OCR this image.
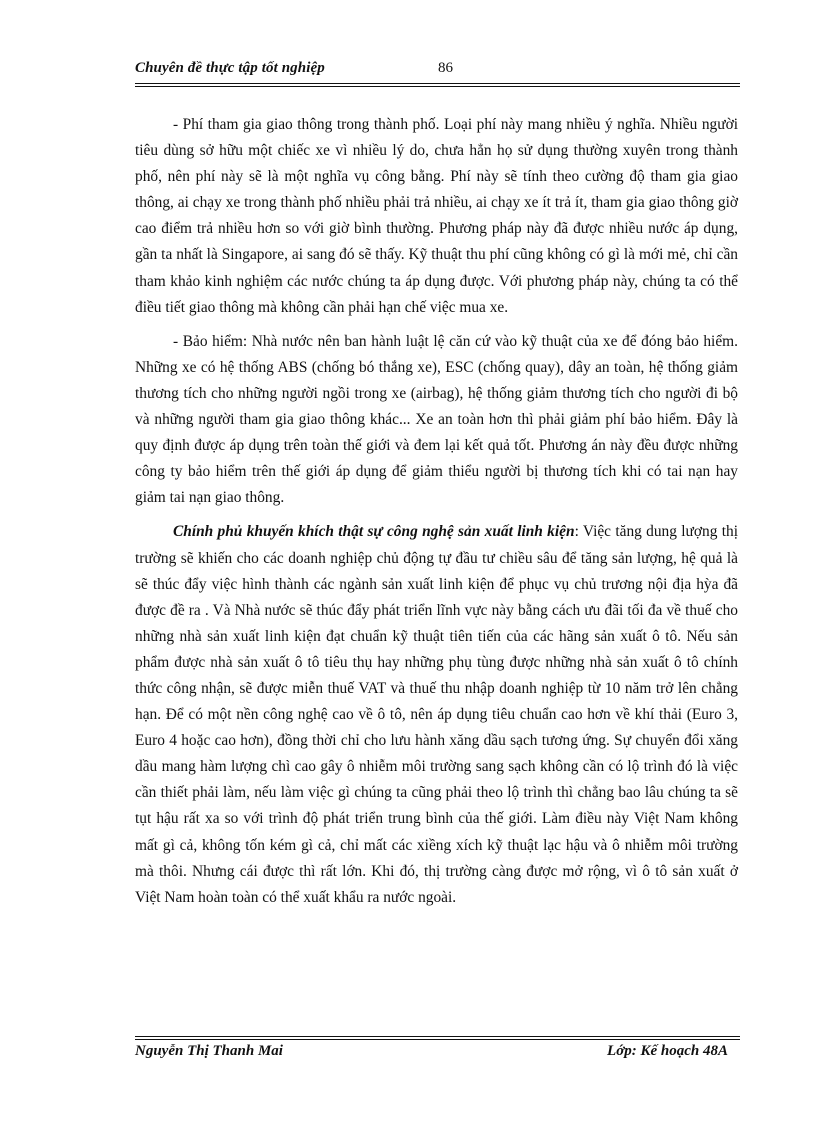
Chuyên đề thực tập tốt nghiệp	86

- Phí tham gia giao thông trong thành phố. Loại phí này mang nhiều ý nghĩa. Nhiều người tiêu dùng sở hữu một chiếc xe vì nhiều lý do, chưa hẳn họ sử dụng thường xuyên trong thành phố, nên phí này sẽ là một nghĩa vụ công bằng. Phí này sẽ tính theo cường độ tham gia giao thông, ai chạy xe trong thành phố nhiều phải trả nhiều, ai chạy xe ít trả ít, tham gia giao thông giờ cao điểm trả nhiều hơn so với giờ bình thường. Phương pháp này đã được nhiều nước áp dụng, gần ta nhất là Singapore, ai sang đó sẽ thấy. Kỹ thuật thu phí cũng không có gì là mới mẻ, chỉ cần tham khảo kinh nghiệm các nước chúng ta áp dụng được. Với phương pháp này, chúng ta có thể điều tiết giao thông mà không cần phải hạn chế việc mua xe.

- Bảo hiểm: Nhà nước nên ban hành luật lệ căn cứ vào kỹ thuật của xe để đóng bảo hiểm. Những xe có hệ thống ABS (chống bó thắng xe), ESC (chống quay), dây an toàn, hệ thống giảm thương tích cho những người ngồi trong xe (airbag), hệ thống giảm thương tích cho người đi bộ và những người tham gia giao thông khác... Xe an toàn hơn thì phải giảm phí bảo hiểm. Đây là quy định được áp dụng trên toàn thế giới và đem lại kết quả tốt. Phương án này đều được những công ty bảo hiểm trên thế giới áp dụng để giảm thiểu người bị thương tích khi có tai nạn hay giảm tai nạn giao thông.

Chính phủ khuyến khích thật sự công nghệ sản xuất linh kiện: Việc tăng dung lượng thị trường sẽ khiến cho các doanh nghiệp chủ động tự đầu tư chiều sâu để tăng sản lượng, hệ quả là sẽ thúc đẩy việc hình thành các ngành sản xuất linh kiện để phục vụ chủ trương nội địa hỳa đã được đề ra . Và Nhà nước sẽ thúc đẩy phát triển lĩnh vực này bằng cách ưu đãi tối đa về thuế cho những nhà sản xuất linh kiện đạt chuẩn kỹ thuật tiên tiến của các hãng sản xuất ô tô. Nếu sản phẩm được nhà sản xuất ô tô tiêu thụ hay những phụ tùng được những nhà sản xuất ô tô chính thức công nhận, sẽ được miễn thuế VAT và thuế thu nhập doanh nghiệp từ 10 năm trở lên chẳng hạn. Để có một nền công nghệ cao về ô tô, nên áp dụng tiêu chuẩn cao hơn về khí thải (Euro 3, Euro 4 hoặc cao hơn), đồng thời chỉ cho lưu hành xăng dầu sạch tương ứng. Sự chuyển đổi xăng dầu mang hàm lượng chì cao gây ô nhiễm môi trường sang sạch không cần có lộ trình đó là việc cần thiết phải làm, nếu làm việc gì chúng ta cũng phải theo lộ trình thì chẳng bao lâu chúng ta sẽ tụt hậu rất xa so với trình độ phát triển trung bình của thế giới. Làm điều này Việt Nam không mất gì cả, không tốn kém gì cả, chỉ mất các xiềng xích kỹ thuật lạc hậu và ô nhiễm môi trường mà thôi. Nhưng cái được thì rất lớn. Khi đó, thị trường càng được mở rộng, vì ô tô sản xuất ở Việt Nam hoàn toàn có thể xuất khẩu ra nước ngoài.

Nguyễn Thị Thanh Mai	Lớp: Kế hoạch 48A
